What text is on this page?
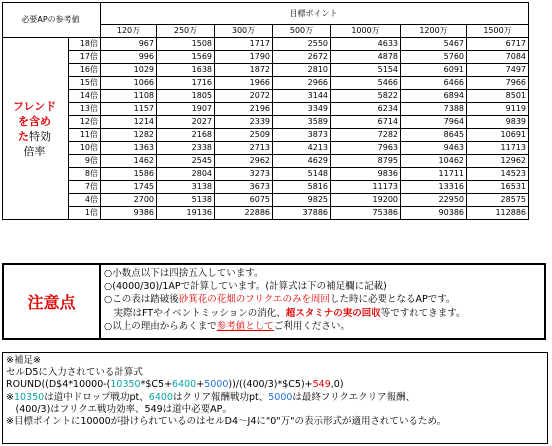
必要APの参考値		目標ポイント						
		120万	250万	300万	500万	1000万	1200万	1500万

フレンド
を含め
た特効
倍率	18倍	967	1508	1717	2550	4633	5467	6717
	17倍	996	1569	1790	2672	4878	5760	7084
	16倍	1029	1638	1872	2810	5154	6091	7497
	15倍	1066	1716	1966	2966	5466	6466	7966
	14倍	1108	1805	2072	3144	5822	6894	8501
	13倍	1157	1907	2196	3349	6234	7388	9119
	12倍	1214	2027	2339	3589	6714	7964	9839
	11倍	1282	2168	2509	3873	7282	8645	10691
	10倍	1363	2338	2713	4213	7963	9463	11713
	9倍	1462	2545	2962	4629	8795	10462	12962
	8倍	1586	2804	3273	5148	9836	11711	14523
	7倍	1745	3138	3673	5816	11173	13316	16531
	4倍	2700	5138	6075	9825	19200	22950	28575
	1倍	9386	19136	22886	37886	75386	90386	112886
注意点
○小数点以下は四捨五入しています。
○(4000/30)/1APで計算しています。(計算式は下の補足欄に記載)
○この表は踏破後砂箕花の花畑のフリクエのみを周回した時に必要となるAPです。
　実際はFTやイベントミッションの消化、超スタミナの実の回収等ですれてきます。
○以上の理由からあくまで参考値としてご利用ください。
※補足※
セルD5に入力されている計算式
ROUND((D$4*10000-(10350*$C5+6400+5000))/((400/3)*$C5)+549,0)
※10350は道中ドロップ戦功pt、6400はクリア報酬戦功pt、5000は最終フリクエクリア報酬、
　(400/3)はフリクエ戦功効率、549は道中必要AP。
※目標ポイントに10000が掛けられているのはセルD4～J4に"0"万"の表示形式が適用されているため。
